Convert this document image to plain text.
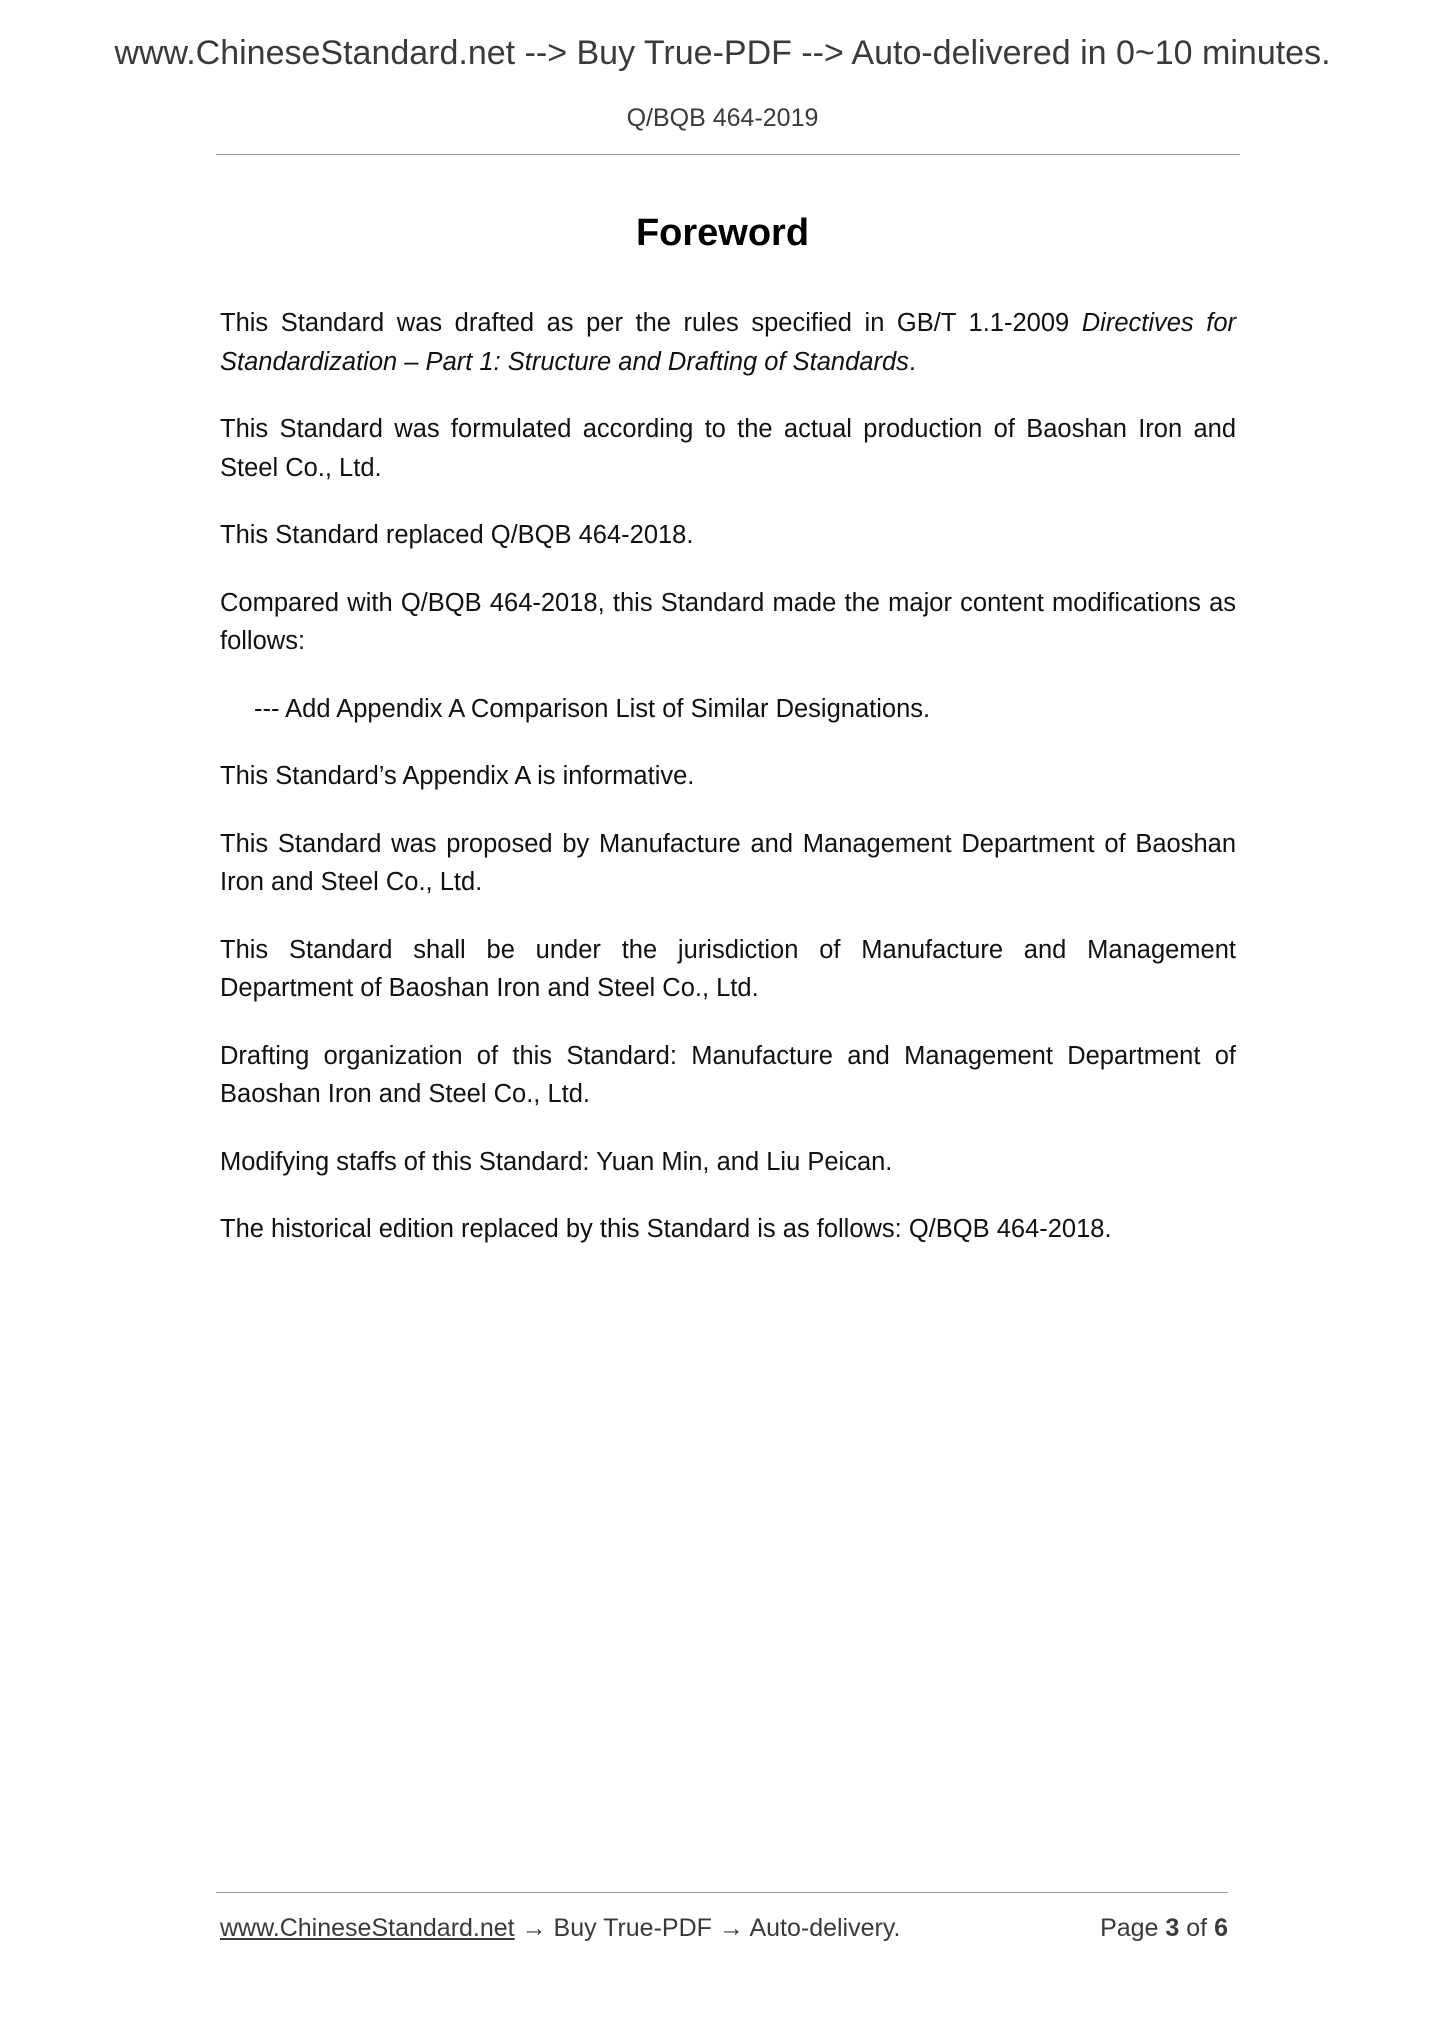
www.ChineseStandard.net --> Buy True-PDF --> Auto-delivered in 0~10 minutes.
Q/BQB 464-2019
Foreword

This Standard was drafted as per the rules specified in GB/T 1.1-2009 Directives for Standardization – Part 1: Structure and Drafting of Standards.

This Standard was formulated according to the actual production of Baoshan Iron and Steel Co., Ltd.

This Standard replaced Q/BQB 464-2018.

Compared with Q/BQB 464-2018, this Standard made the major content modifications as follows:

--- Add Appendix A Comparison List of Similar Designations.

This Standard’s Appendix A is informative.

This Standard was proposed by Manufacture and Management Department of Baoshan Iron and Steel Co., Ltd.

This Standard shall be under the jurisdiction of Manufacture and Management Department of Baoshan Iron and Steel Co., Ltd.

Drafting organization of this Standard: Manufacture and Management Department of Baoshan Iron and Steel Co., Ltd.

Modifying staffs of this Standard: Yuan Min, and Liu Peican.

The historical edition replaced by this Standard is as follows: Q/BQB 464-2018.

www.ChineseStandard.net → Buy True-PDF → Auto-delivery.	Page 3 of 6
